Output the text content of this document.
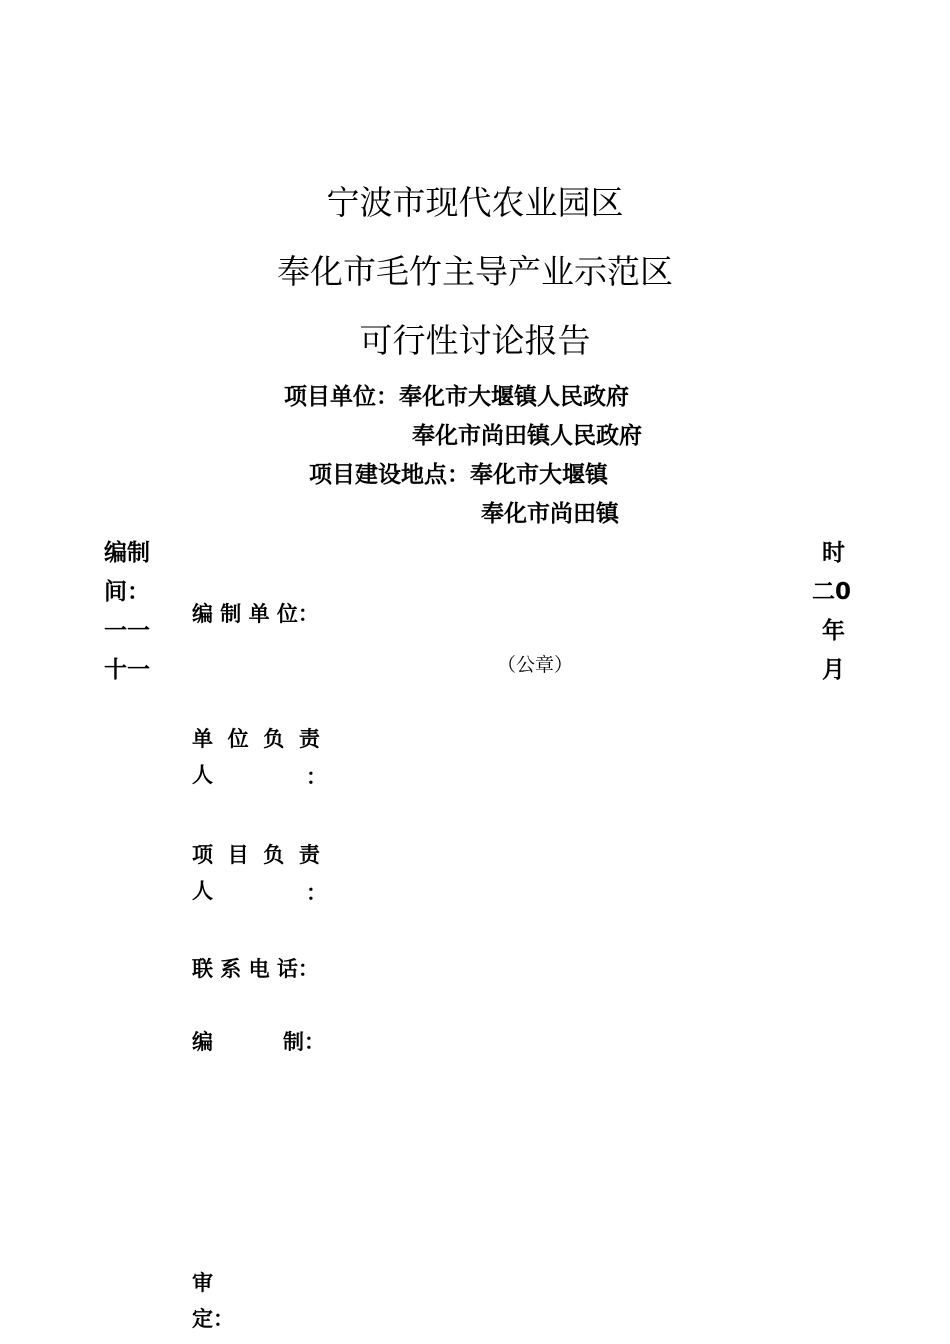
宁波市现代农业园区
奉化市毛竹主导产业示范区
可行性讨论报告
项目单位：奉化市大堰镇人民政府
奉化市尚田镇人民政府
项目建设地点：奉化市大堰镇
奉化市尚田镇
编制
间：
一一
十一
时
二0
年
月
编 制 单 位：
（公章）
单  位  负  责
人	：
项  目  负  责
人	：
联 系 电 话：
编	制：
审
定：
